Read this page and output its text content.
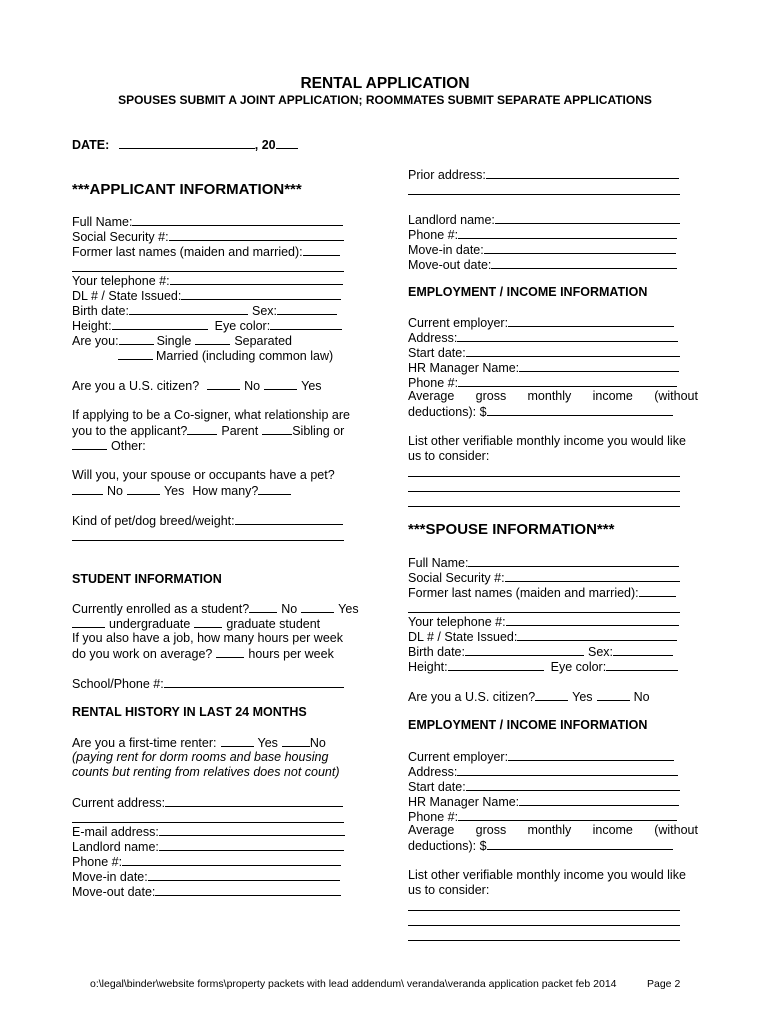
RENTAL APPLICATION
SPOUSES SUBMIT A JOINT APPLICATION; ROOMMATES SUBMIT SEPARATE APPLICATIONS
DATE:	, 20
***APPLICANT INFORMATION***
Full Name:
Social Security #:
Former last names (maiden and married):
Your telephone #:
DL # / State Issued:
Birth date:	Sex:
Height:	Eye color:
Are you:	Single	Separated
Married (including common law)
Are you a U.S. citizen?	No	Yes
If applying to be a Co-signer, what relationship are
you to the applicant?	Parent	Sibling or
Other:
Will you, your spouse or occupants have a pet?
No	Yes How many?
Kind of pet/dog breed/weight:
STUDENT INFORMATION
Currently enrolled as a student?	No	Yes
undergraduate	graduate student
If you also have a job, how many hours per week
do you work on average?	hours per week
School/Phone #:
RENTAL HISTORY IN LAST 24 MONTHS
Are you a first-time renter:	Yes	No
(paying rent for dorm rooms and base housing
counts but renting from relatives does not count)
Current address:
E-mail address:
Landlord name:
Phone #:
Move-in date:
Move-out date:
Prior address:
Landlord name:
Phone #:
Move-in date:
Move-out date:
EMPLOYMENT / INCOME INFORMATION
Current employer:
Address:
Start date:
HR Manager Name:
Phone #:
Average gross monthly income (without
deductions): $
List other verifiable monthly income you would like
us to consider:
***SPOUSE INFORMATION***
Full Name:
Social Security #:
Former last names (maiden and married):
Your telephone #:
DL # / State Issued:
Birth date:	Sex:
Height:	Eye color:
Are you a U.S. citizen?	Yes	No
EMPLOYMENT / INCOME INFORMATION
Current employer:
Address:
Start date:
HR Manager Name:
Phone #:
Average gross monthly income (without
deductions): $
List other verifiable monthly income you would like
us to consider:
o:\legal\binder\website forms\property packets with lead addendum\ veranda\veranda application packet feb 2014	Page 2
